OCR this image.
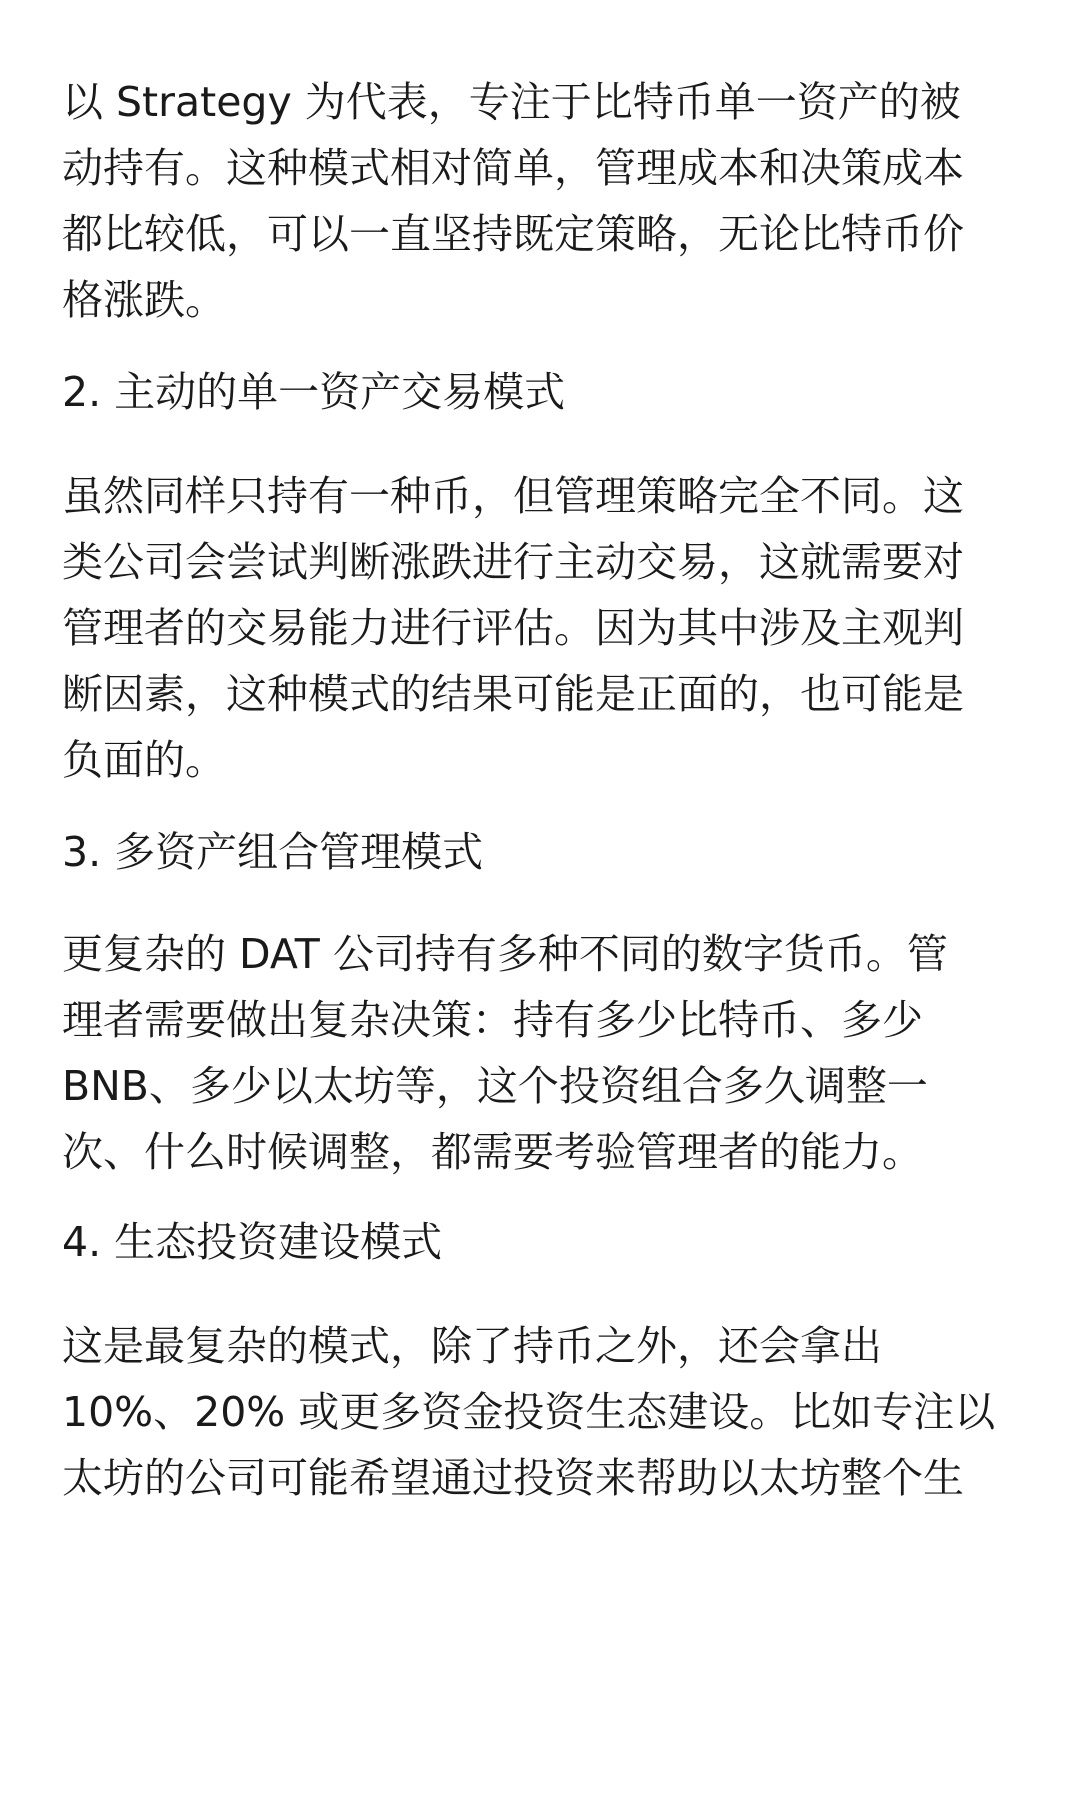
以 Strategy 为代表，专注于比特币单一资产的被
动持有。这种模式相对简单，管理成本和决策成本
都比较低，可以一直坚持既定策略，无论比特币价
格涨跌。
2. 主动的单一资产交易模式
虽然同样只持有一种币，但管理策略完全不同。这
类公司会尝试判断涨跌进行主动交易，这就需要对
管理者的交易能力进行评估。因为其中涉及主观判
断因素，这种模式的结果可能是正面的，也可能是
负面的。
3. 多资产组合管理模式
更复杂的 DAT 公司持有多种不同的数字货币。管
理者需要做出复杂决策：持有多少比特币、多少
BNB、多少以太坊等，这个投资组合多久调整一
次、什么时候调整，都需要考验管理者的能力。
4. 生态投资建设模式
这是最复杂的模式，除了持币之外，还会拿出
10%、20% 或更多资金投资生态建设。比如专注以
太坊的公司可能希望通过投资来帮助以太坊整个生
